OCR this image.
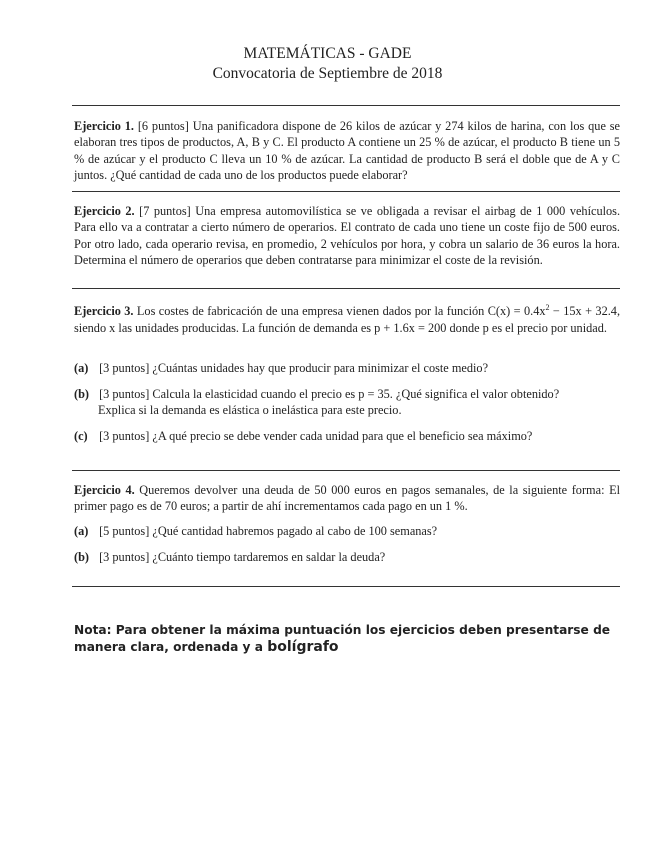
MATEMÁTICAS - GADE
Convocatoria de Septiembre de 2018

Ejercicio 1. [6 puntos] Una panificadora dispone de 26 kilos de azúcar y 274 kilos de harina, con los que se elaboran tres tipos de productos, A, B y C. El producto A contiene un 25 % de azúcar, el producto B tiene un 5 % de azúcar y el producto C lleva un 10 % de azúcar. La cantidad de producto B será el doble que de A y C juntos. ¿Qué cantidad de cada uno de los productos puede elaborar?

Ejercicio 2. [7 puntos] Una empresa automovilística se ve obligada a revisar el airbag de 1 000 vehículos. Para ello va a contratar a cierto número de operarios. El contrato de cada uno tiene un coste fijo de 500 euros. Por otro lado, cada operario revisa, en promedio, 2 vehículos por hora, y cobra un salario de 36 euros la hora. Determina el número de operarios que deben contratarse para minimizar el coste de la revisión.

Ejercicio 3. Los costes de fabricación de una empresa vienen dados por la función $C(x) = 0.4x^2 - 15x + 32.4$, siendo x las unidades producidas. La función de demanda es p + 1.6x = 200 donde p es el precio por unidad.

(a) [3 puntos] ¿Cuántas unidades hay que producir para minimizar el coste medio?
(b) [3 puntos] Calcula la elasticidad cuando el precio es p = 35. ¿Qué significa el valor obtenido?
Explica si la demanda es elástica o inelástica para este precio.
(c) [3 puntos] ¿A qué precio se debe vender cada unidad para que el beneficio sea máximo?

Ejercicio 4. Queremos devolver una deuda de 50 000 euros en pagos semanales, de la siguiente forma: El primer pago es de 70 euros; a partir de ahí incrementamos cada pago en un 1 %.

(a) [5 puntos] ¿Qué cantidad habremos pagado al cabo de 100 semanas?
(b) [3 puntos] ¿Cuánto tiempo tardaremos en saldar la deuda?
Nota: Para obtener la máxima puntuación los ejercicios deben presentarse de manera clara, ordenada y a bolígrafo
